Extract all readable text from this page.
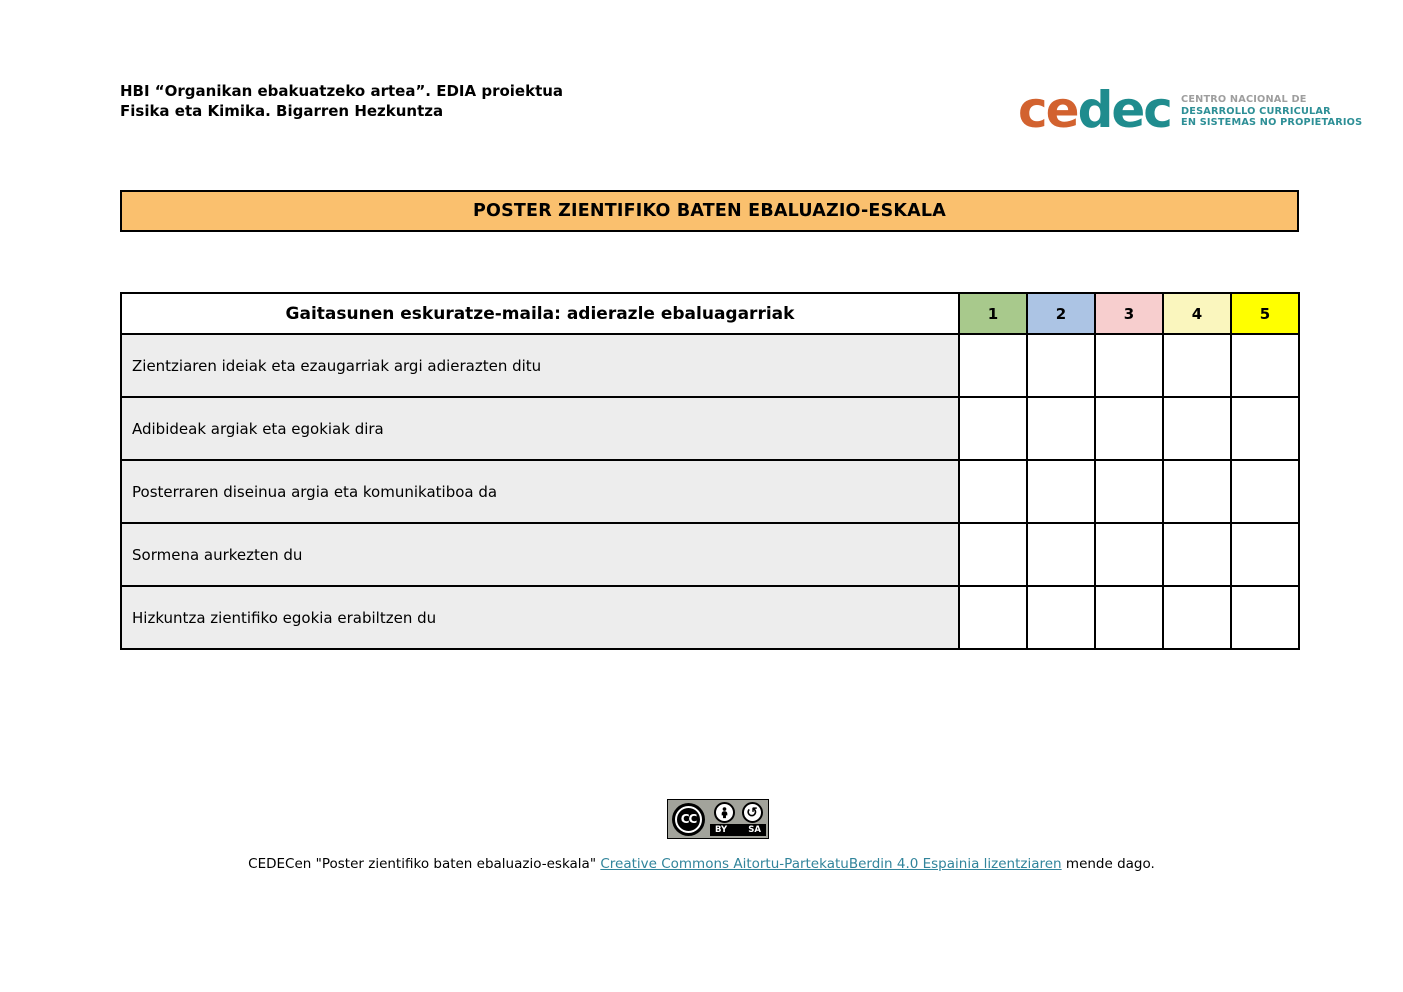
HBI “Organikan ebakuatzeko artea”. EDIA proiektua
Fisika eta Kimika. Bigarren Hezkuntza	cedec CENTRO NACIONAL DE
DESARROLLO CURRICULAR
EN SISTEMAS NO PROPIETARIOS
POSTER ZIENTIFIKO BATEN EBALUAZIO-ESKALA
Gaitasunen eskuratze-maila: adierazle ebaluagarriak	1	2	3	4	5
Zientziaren ideiak eta ezaugarriak argi adierazten ditu					
Adibideak argiak eta egokiak dira					
Posterraren diseinua argia eta komunikatiboa da					
Sormena aurkezten du					
Hizkuntza zientifiko egokia erabiltzen du					
CC	↺
BY SA
CEDECen "Poster zientifiko baten ebaluazio-eskala" Creative Commons Aitortu-PartekatuBerdin 4.0 Espainia lizentziaren mende dago.
